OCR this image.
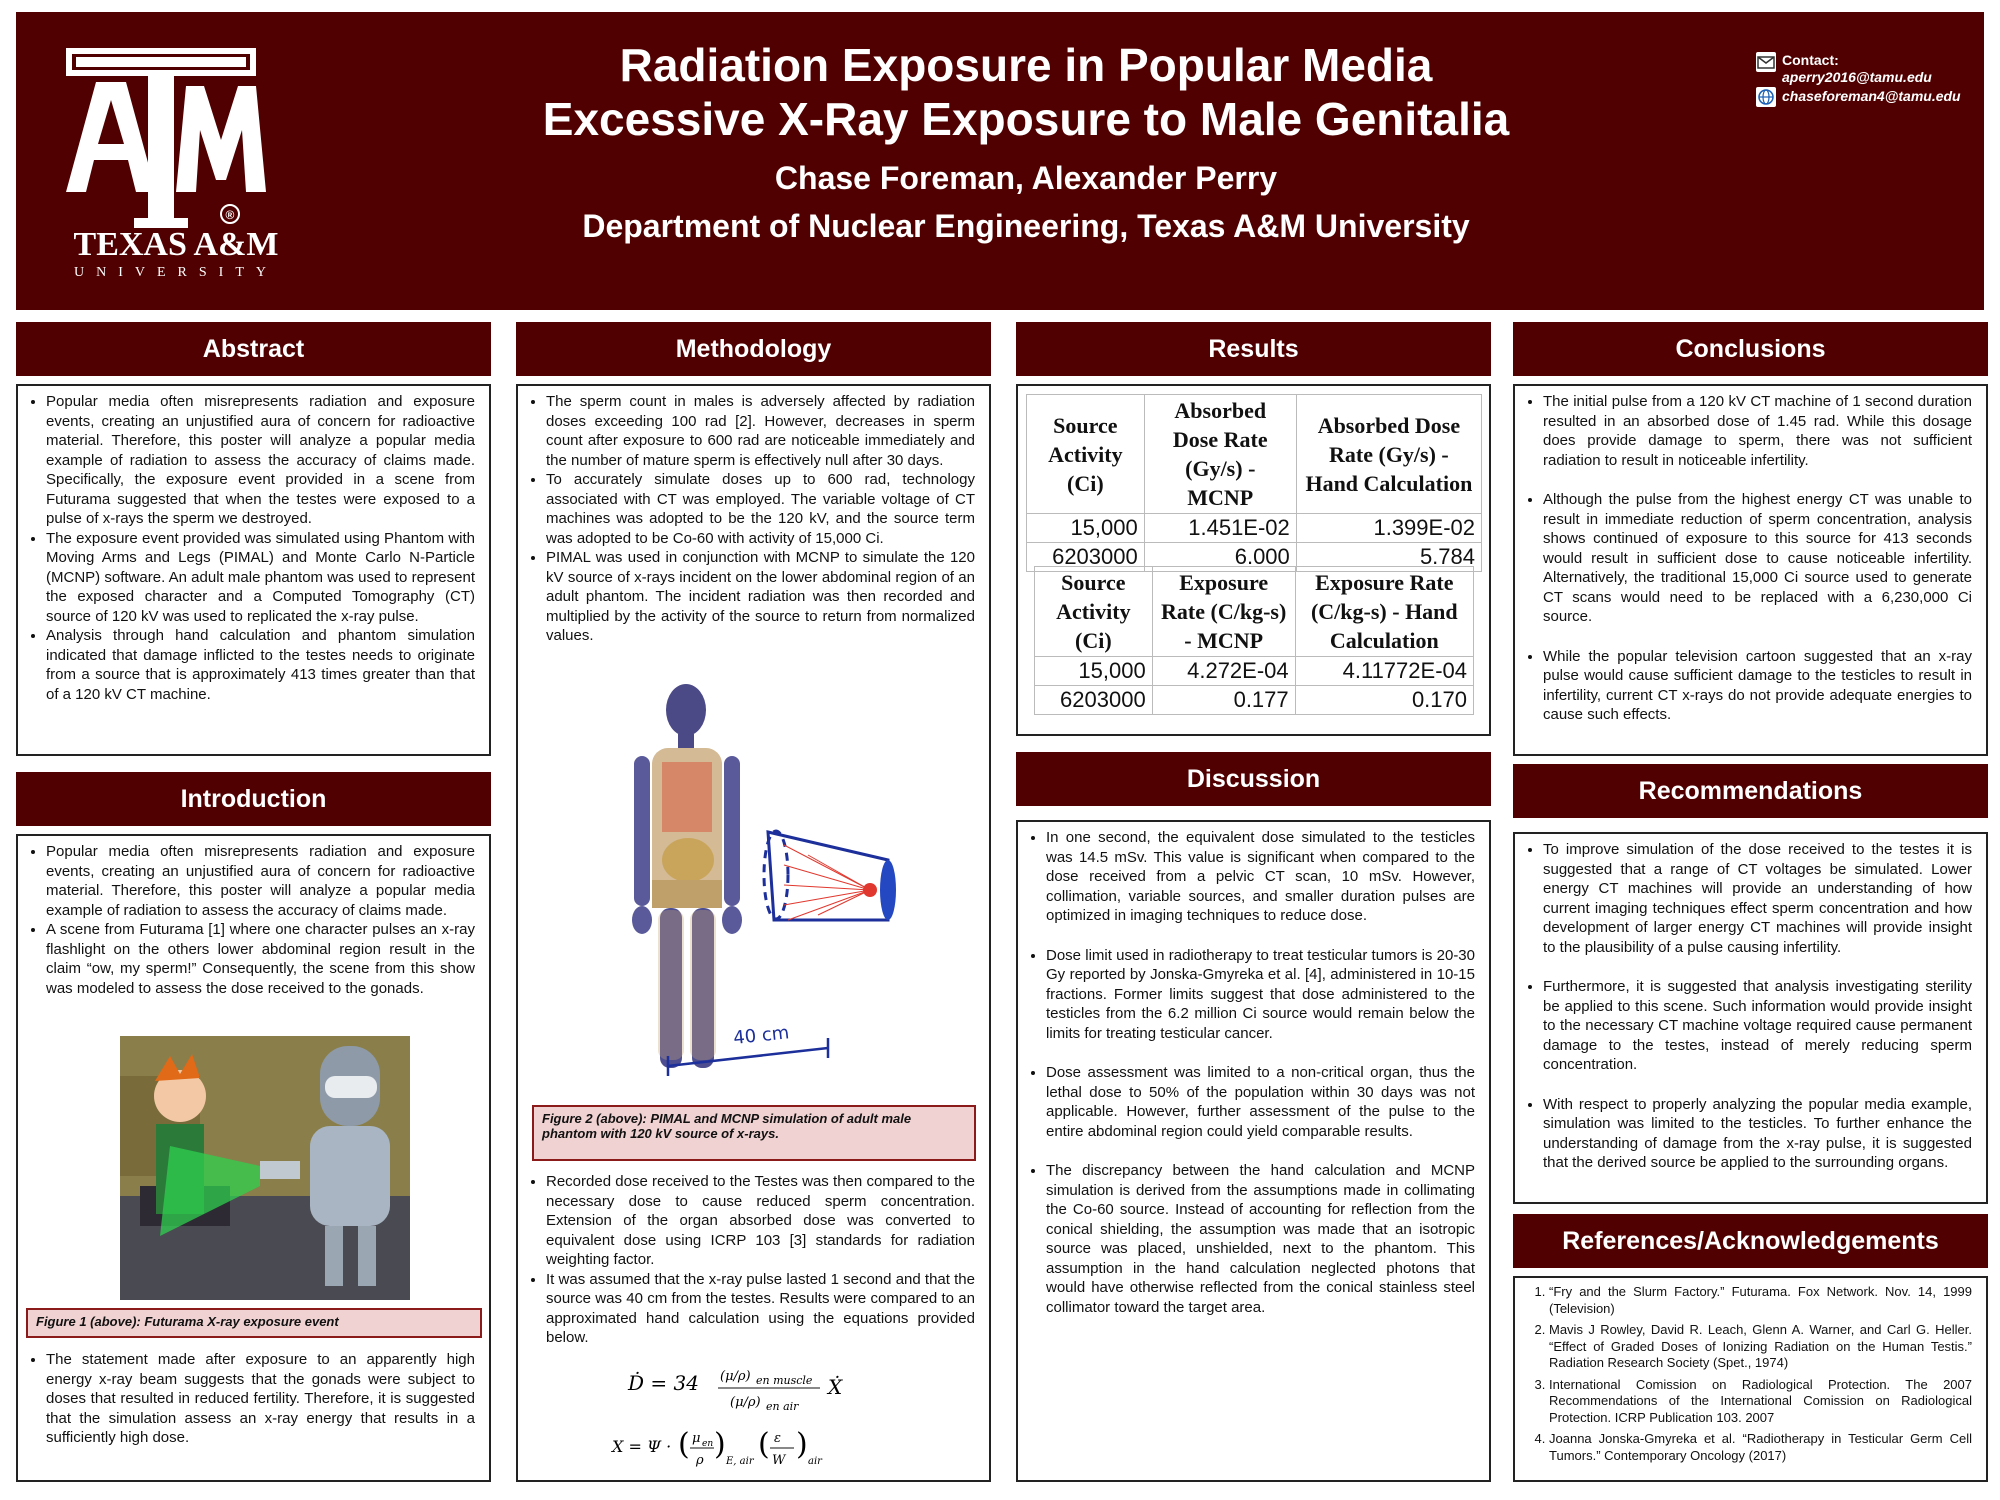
®
TEXAS A&M
UNIVERSITY
Radiation Exposure in Popular Media
Excessive X-Ray Exposure to Male Genitalia
Chase Foreman, Alexander Perry
Department of Nuclear Engineering, Texas A&M University
Contact:
aperry2016@tamu.edu
chaseforeman4@tamu.edu
Abstract
• Popular media often misrepresents radiation and exposure events, creating an unjustified aura of concern for radioactive material. Therefore, this poster will analyze a popular media example of radiation to assess the accuracy of claims made. Specifically, the exposure event provided in a scene from Futurama suggested that when the testes were exposed to a pulse of x-rays the sperm we destroyed.
• The exposure event provided was simulated using Phantom with Moving Arms and Legs (PIMAL) and Monte Carlo N-Particle (MCNP) software. An adult male phantom was used to represent the exposed character and a Computed Tomography (CT) source of 120 kV was used to replicated the x-ray pulse.
• Analysis through hand calculation and phantom simulation indicated that damage inflicted to the testes needs to originate from a source that is approximately 413 times greater than that of a 120 kV CT machine.
Introduction
• Popular media often misrepresents radiation and exposure events, creating an unjustified aura of concern for radioactive material. Therefore, this poster will analyze a popular media example of radiation to assess the accuracy of claims made.
• A scene from Futurama [1] where one character pulses an x-ray flashlight on the others lower abdominal region result in the claim “ow, my sperm!” Consequently, the scene from this show was modeled to assess the dose received to the gonads.
Figure 1 (above): Futurama X-ray exposure event
• The statement made after exposure to an apparently high energy x-ray beam suggests that the gonads were subject to doses that resulted in reduced fertility. Therefore, it is suggested that the simulation assess an x-ray energy that results in a sufficiently high dose.
Methodology
• The sperm count in males is adversely affected by radiation doses exceeding 100 rad [2]. However, decreases in sperm count after exposure to 600 rad are noticeable immediately and the number of mature sperm is effectively null after 30 days.
• To accurately simulate doses up to 600 rad, technology associated with CT was employed. The variable voltage of CT machines was adopted to be the 120 kV, and the source term was adopted to be Co-60 with activity of 15,000 Ci.
• PIMAL was used in conjunction with MCNP to simulate the 120 kV source of x-rays incident on the lower abdominal region of an adult phantom. The incident radiation was then recorded and multiplied by the activity of the source to return from normalized values.
40 cm
Figure 2 (above): PIMAL and MCNP simulation of adult male phantom with 120 kV source of x-rays.
• Recorded dose received to the Testes was then compared to the necessary dose to cause reduced sperm concentration. Extension of the organ absorbed dose was converted to equivalent dose using ICRP 103 [3] standards for radiation weighting factor.
• It was assumed that the x-ray pulse lasted 1 second and that the source was 40 cm from the testes. Results were compared to an approximated hand calculation using the equations provided below.
Ḋ = 34 (μ/ρ) en muscle
(μ/ρ) en air
Ẋ
X = Ψ · ( μ en
ρ ) E, air ( ε
W ) air
Results
Source Activity (Ci)	Absorbed Dose Rate (Gy/s) - MCNP	Absorbed Dose Rate (Gy/s) - Hand Calculation
15,000	1.451E-02	1.399E-02
6203000	6.000	5.784
Source Activity (Ci)	Exposure Rate (C/kg-s) - MCNP	Exposure Rate (C/kg-s) - Hand Calculation
15,000	4.272E-04	4.11772E-04
6203000	0.177	0.170
Discussion
• In one second, the equivalent dose simulated to the testicles was 14.5 mSv. This value is significant when compared to the dose received from a pelvic CT scan, 10 mSv. However, collimation, variable sources, and smaller duration pulses are optimized in imaging techniques to reduce dose.
• Dose limit used in radiotherapy to treat testicular tumors is 20-30 Gy reported by Jonska-Gmyreka et al. [4], administered in 10-15 fractions. Former limits suggest that dose administered to the testicles from the 6.2 million Ci source would remain below the limits for treating testicular cancer.
• Dose assessment was limited to a non-critical organ, thus the lethal dose to 50% of the population within 30 days was not applicable. However, further assessment of the pulse to the entire abdominal region could yield comparable results.
• The discrepancy between the hand calculation and MCNP simulation is derived from the assumptions made in collimating the Co-60 source. Instead of accounting for reflection from the conical shielding, the assumption was made that an isotropic source was placed, unshielded, next to the phantom. This assumption in the hand calculation neglected photons that would have otherwise reflected from the conical stainless steel collimator toward the target area.
Conclusions
• The initial pulse from a 120 kV CT machine of 1 second duration resulted in an absorbed dose of 1.45 rad. While this dosage does provide damage to sperm, there was not sufficient radiation to result in noticeable infertility.
• Although the pulse from the highest energy CT was unable to result in immediate reduction of sperm concentration, analysis shows continued of exposure to this source for 413 seconds would result in sufficient dose to cause noticeable infertility. Alternatively, the traditional 15,000 Ci source used to generate CT scans would need to be replaced with a 6,230,000 Ci source.
• While the popular television cartoon suggested that an x-ray pulse would cause sufficient damage to the testicles to result in infertility, current CT x-rays do not provide adequate energies to cause such effects.
Recommendations
• To improve simulation of the dose received to the testes it is suggested that a range of CT voltages be simulated. Lower energy CT machines will provide an understanding of how current imaging techniques effect sperm concentration and how development of larger energy CT machines will provide insight to the plausibility of a pulse causing infertility.
• Furthermore, it is suggested that analysis investigating sterility be applied to this scene. Such information would provide insight to the necessary CT machine voltage required cause permanent damage to the testes, instead of merely reducing sperm concentration.
• With respect to properly analyzing the popular media example, simulation was limited to the testicles. To further enhance the understanding of damage from the x-ray pulse, it is suggested that the derived source be applied to the surrounding organs.
References/Acknowledgements
1. “Fry and the Slurm Factory.” Futurama. Fox Network. Nov. 14, 1999 (Television)
2. Mavis J Rowley, David R. Leach, Glenn A. Warner, and Carl G. Heller. “Effect of Graded Doses of Ionizing Radiation on the Human Testis.” Radiation Research Society (Spet., 1974)
3. International Comission on Radiological Protection. The 2007 Recommendations of the International Comission on Radiological Protection. ICRP Publication 103. 2007
4. Joanna Jonska-Gmyreka et al. “Radiotherapy in Testicular Germ Cell Tumors.” Contemporary Oncology (2017)
